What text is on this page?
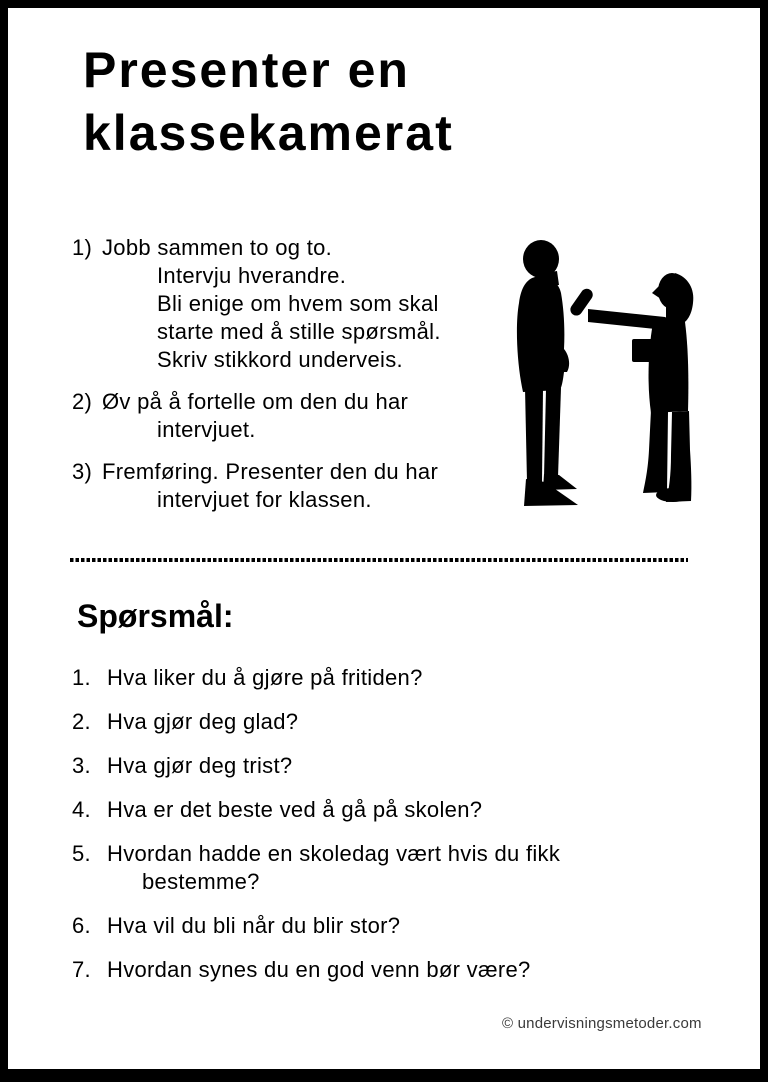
Presenter en
klassekamerat
1) Jobb sammen to og to.
Intervju hverandre.
Bli enige om hvem som skal
starte med å stille spørsmål.
Skriv stikkord underveis.
2) Øv på å fortelle om den du har
intervjuet.
3) Fremføring. Presenter den du har
intervjuet for klassen.
Spørsmål:
1. Hva liker du å gjøre på fritiden?
2. Hva gjør deg glad?
3. Hva gjør deg trist?
4. Hva er det beste ved å gå på skolen?
5. Hvordan hadde en skoledag vært hvis du fikk
bestemme?
6. Hva vil du bli når du blir stor?
7. Hvordan synes du en god venn bør være?
© undervisningsmetoder.com
